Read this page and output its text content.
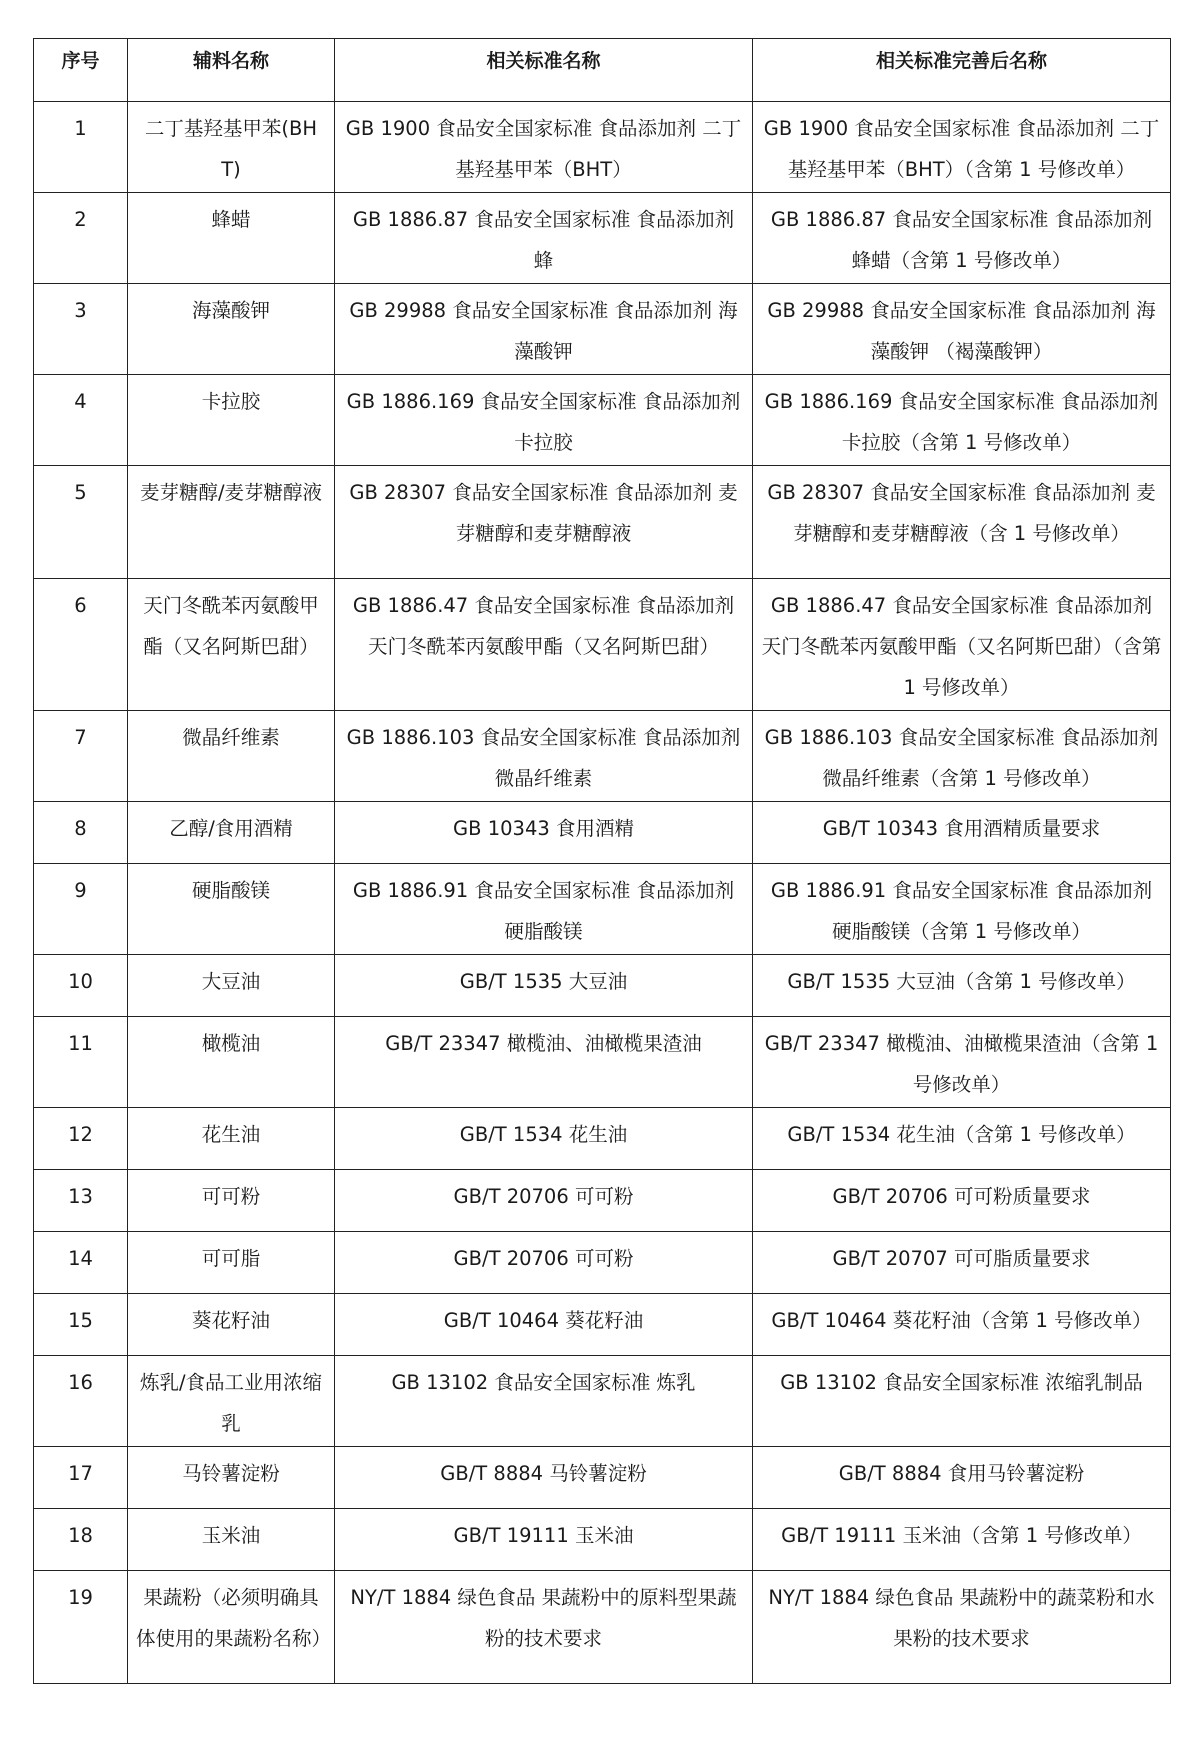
序号	辅料名称	相关标准名称	相关标准完善后名称
1	二丁基羟基甲苯(BHT)	GB 1900 食品安全国家标准 食品添加剂 二丁基羟基甲苯（BHT）	GB 1900 食品安全国家标准 食品添加剂 二丁基羟基甲苯（BHT）（含第 1 号修改单）
2	蜂蜡	GB 1886.87 食品安全国家标准 食品添加剂 蜂	GB 1886.87 食品安全国家标准 食品添加剂 蜂蜡（含第 1 号修改单）
3	海藻酸钾	GB 29988 食品安全国家标准 食品添加剂 海藻酸钾	GB 29988 食品安全国家标准 食品添加剂 海藻酸钾 （褐藻酸钾）
4	卡拉胶	GB 1886.169 食品安全国家标准 食品添加剂 卡拉胶	GB 1886.169 食品安全国家标准 食品添加剂 卡拉胶（含第 1 号修改单）
5	麦芽糖醇/麦芽糖醇液	GB 28307 食品安全国家标准 食品添加剂 麦芽糖醇和麦芽糖醇液	GB 28307 食品安全国家标准 食品添加剂 麦芽糖醇和麦芽糖醇液（含 1 号修改单）
6	天门冬酰苯丙氨酸甲酯（又名阿斯巴甜）	GB 1886.47 食品安全国家标准 食品添加剂 天门冬酰苯丙氨酸甲酯（又名阿斯巴甜）	GB 1886.47 食品安全国家标准 食品添加剂 天门冬酰苯丙氨酸甲酯（又名阿斯巴甜）（含第 1 号修改单）
7	微晶纤维素	GB 1886.103 食品安全国家标准 食品添加剂 微晶纤维素	GB 1886.103 食品安全国家标准 食品添加剂 微晶纤维素（含第 1 号修改单）
8	乙醇/食用酒精	GB 10343 食用酒精	GB/T 10343 食用酒精质量要求
9	硬脂酸镁	GB 1886.91 食品安全国家标准 食品添加剂 硬脂酸镁	GB 1886.91 食品安全国家标准 食品添加剂 硬脂酸镁（含第 1 号修改单）
10	大豆油	GB/T 1535 大豆油	GB/T 1535 大豆油（含第 1 号修改单）
11	橄榄油	GB/T 23347 橄榄油、油橄榄果渣油	GB/T 23347 橄榄油、油橄榄果渣油（含第 1 号修改单）
12	花生油	GB/T 1534 花生油	GB/T 1534 花生油（含第 1 号修改单）
13	可可粉	GB/T 20706 可可粉	GB/T 20706 可可粉质量要求
14	可可脂	GB/T 20706 可可粉	GB/T 20707 可可脂质量要求
15	葵花籽油	GB/T 10464 葵花籽油	GB/T 10464 葵花籽油（含第 1 号修改单）
16	炼乳/食品工业用浓缩乳	GB 13102 食品安全国家标准 炼乳	GB 13102 食品安全国家标准 浓缩乳制品
17	马铃薯淀粉	GB/T 8884 马铃薯淀粉	GB/T 8884 食用马铃薯淀粉
18	玉米油	GB/T 19111 玉米油	GB/T 19111 玉米油（含第 1 号修改单）
19	果蔬粉（必须明确具体使用的果蔬粉名称）	NY/T 1884 绿色食品 果蔬粉中的原料型果蔬粉的技术要求	NY/T 1884 绿色食品 果蔬粉中的蔬菜粉和水果粉的技术要求
